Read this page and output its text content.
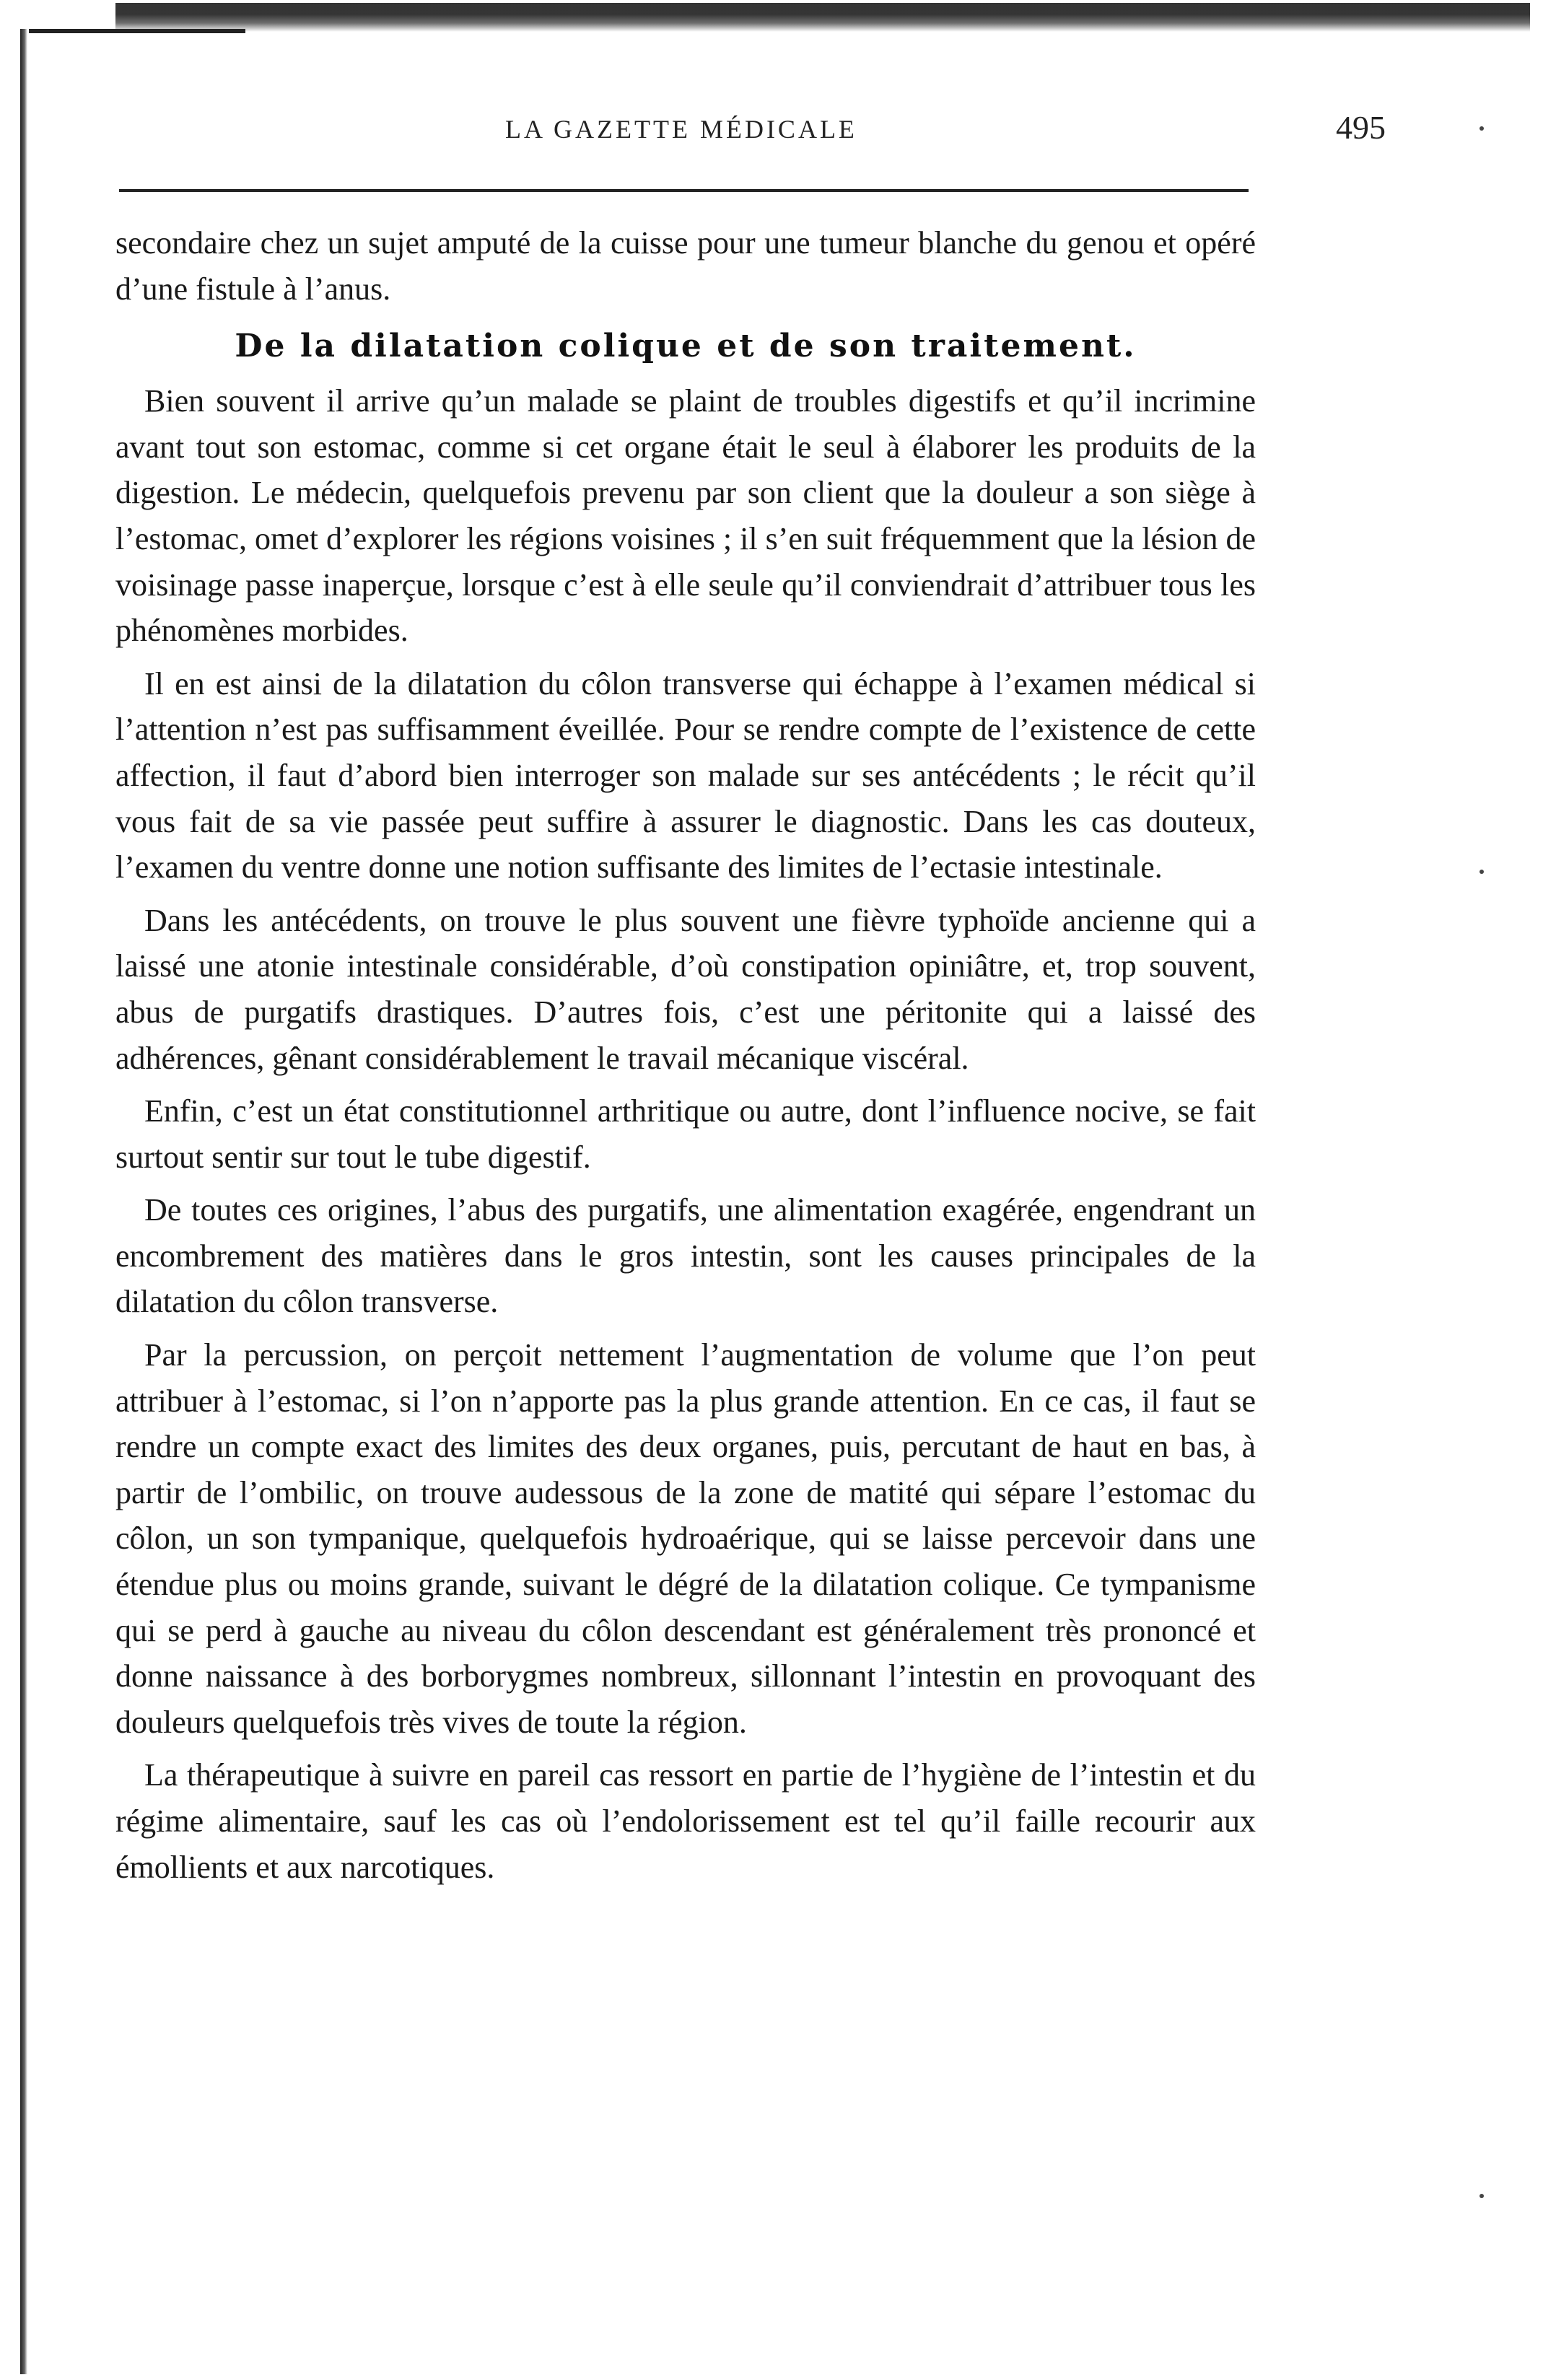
LA GAZETTE MÉDICALE	495

secondaire chez un sujet amputé de la cuisse pour une tumeur blanche du genou et opéré d’une fistule à l’anus.

De la dilatation colique et de son traitement.

Bien souvent il arrive qu’un malade se plaint de troubles digestifs et qu’il incrimine avant tout son estomac, comme si cet organe était le seul à élaborer les produits de la digestion. Le médecin, quelquefois prevenu par son client que la douleur a son siège à l’estomac, omet d’explorer les régions voisines ; il s’en suit fréquemment que la lésion de voisinage passe inaperçue, lorsque c’est à elle seule qu’il conviendrait d’attribuer tous les phénomènes morbides.

Il en est ainsi de la dilatation du côlon transverse qui échappe à l’examen médical si l’attention n’est pas suffisamment éveillée. Pour se rendre compte de l’existence de cette affection, il faut d’abord bien interroger son malade sur ses antécédents ; le récit qu’il vous fait de sa vie passée peut suffire à assurer le diagnostic. Dans les cas douteux, l’examen du ventre donne une notion suffisante des limites de l’ectasie intestinale.

Dans les antécédents, on trouve le plus souvent une fièvre typhoïde ancienne qui a laissé une atonie intestinale considérable, d’où constipation opiniâtre, et, trop souvent, abus de purgatifs drastiques. D’autres fois, c’est une péritonite qui a laissé des adhérences, gênant considérablement le travail mécanique viscéral.

Enfin, c’est un état constitutionnel arthritique ou autre, dont l’influence nocive, se fait surtout sentir sur tout le tube digestif.

De toutes ces origines, l’abus des purgatifs, une alimentation exagérée, engendrant un encombrement des matières dans le gros intestin, sont les causes principales de la dilatation du côlon transverse.

Par la percussion, on perçoit nettement l’augmentation de volume que l’on peut attribuer à l’estomac, si l’on n’apporte pas la plus grande attention. En ce cas, il faut se rendre un compte exact des limites des deux organes, puis, percutant de haut en bas, à partir de l’ombilic, on trouve audessous de la zone de matité qui sépare l’estomac du côlon, un son tympanique, quelquefois hydroaérique, qui se laisse percevoir dans une étendue plus ou moins grande, suivant le dégré de la dilatation colique. Ce tympanisme qui se perd à gauche au niveau du côlon descendant est généralement très prononcé et donne naissance à des borborygmes nombreux, sillonnant l’intestin en provoquant des douleurs quelquefois très vives de toute la région.

La thérapeutique à suivre en pareil cas ressort en partie de l’hygiène de l’intestin et du régime alimentaire, sauf les cas où l’endolorissement est tel qu’il faille recourir aux émollients et aux narcotiques.
